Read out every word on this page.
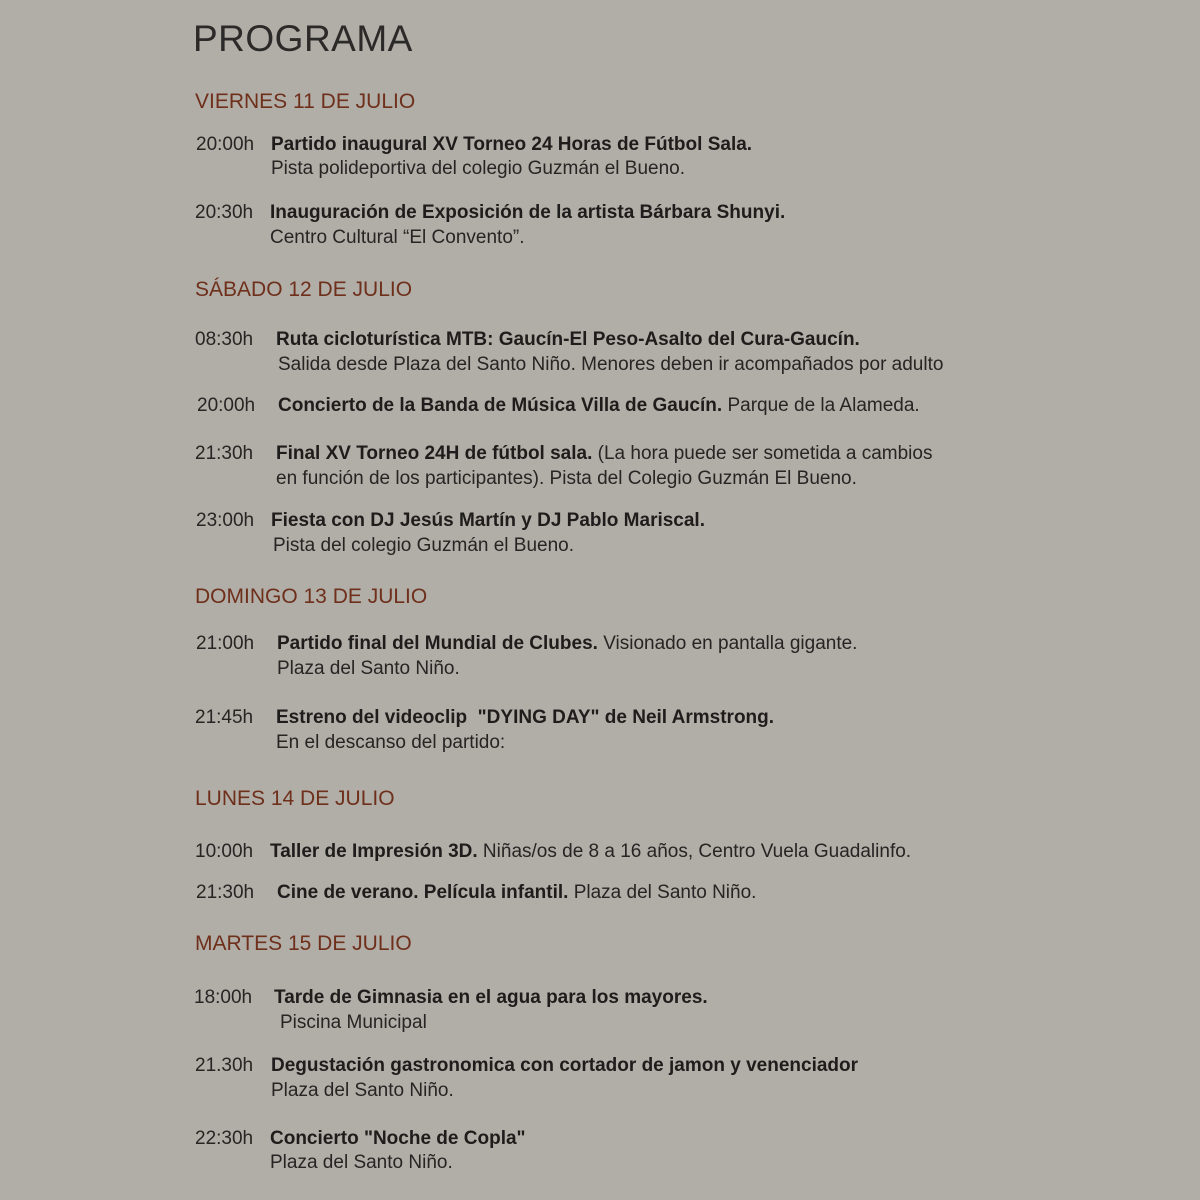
PROGRAMA
VIERNES 11 DE JULIO
20:00h Partido inaugural XV Torneo 24 Horas de Fútbol Sala.
Pista polideportiva del colegio Guzmán el Bueno.
20:30h Inauguración de Exposición de la artista Bárbara Shunyi.
Centro Cultural “El Convento”.
SÁBADO 12 DE JULIO
08:30h Ruta cicloturística MTB: Gaucín-El Peso-Asalto del Cura-Gaucín.
Salida desde Plaza del Santo Niño. Menores deben ir acompañados por adulto
20:00h Concierto de la Banda de Música Villa de Gaucín. Parque de la Alameda.
21:30h Final XV Torneo 24H de fútbol sala. (La hora puede ser sometida a cambios
en función de los participantes). Pista del Colegio Guzmán El Bueno.
23:00h Fiesta con DJ Jesús Martín y DJ Pablo Mariscal.
Pista del colegio Guzmán el Bueno.
DOMINGO 13 DE JULIO
21:00h Partido final del Mundial de Clubes. Visionado en pantalla gigante.
Plaza del Santo Niño.
21:45h Estreno del videoclip  "DYING DAY" de Neil Armstrong.
En el descanso del partido:
LUNES 14 DE JULIO
10:00h Taller de Impresión 3D. Niñas/os de 8 a 16 años, Centro Vuela Guadalinfo.
21:30h Cine de verano. Película infantil. Plaza del Santo Niño.
MARTES 15 DE JULIO
18:00h Tarde de Gimnasia en el agua para los mayores.
Piscina Municipal
21.30h Degustación gastronomica con cortador de jamon y venenciador
Plaza del Santo Niño.
22:30h Concierto "Noche de Copla"
Plaza del Santo Niño.
